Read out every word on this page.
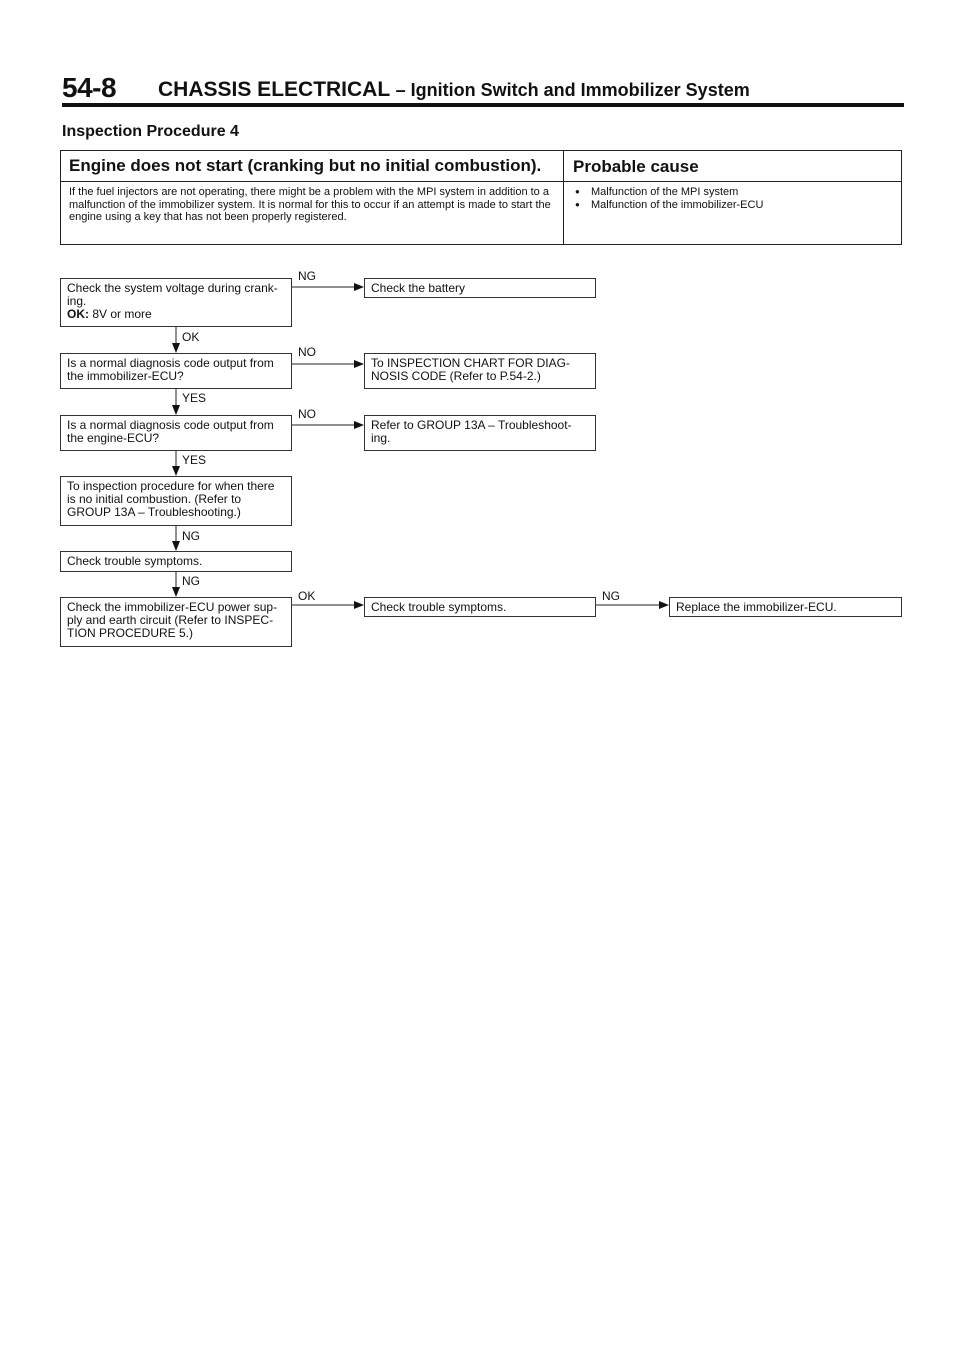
54-8 CHASSIS ELECTRICAL – Ignition Switch and Immobilizer System
Inspection Procedure 4
Engine does not start (cranking but no initial combustion). Probable cause
If the fuel injectors are not operating, there might be a problem with the MPI system in addition to a malfunction of the immobilizer system. It is normal for this to occur if an attempt is made to start the engine using a key that has not been properly registered.
● Malfunction of the MPI system
● Malfunction of the immobilizer-ECU
Check the system voltage during crank-ing.
OK: 8V or more
NG
Check the battery
OK
Is a normal diagnosis code output from the immobilizer-ECU?
NO
To INSPECTION CHART FOR DIAG-NOSIS CODE (Refer to P.54-2.)
YES
Is a normal diagnosis code output from the engine-ECU?
NO
Refer to GROUP 13A – Troubleshoot-ing.
YES
To inspection procedure for when there is no initial combustion. (Refer to GROUP 13A – Troubleshooting.)
NG
Check trouble symptoms.
NG
Check the immobilizer-ECU power sup-ply and earth circuit (Refer to INSPEC-TION PROCEDURE 5.)
OK
Check trouble symptoms.
NG
Replace the immobilizer-ECU.
